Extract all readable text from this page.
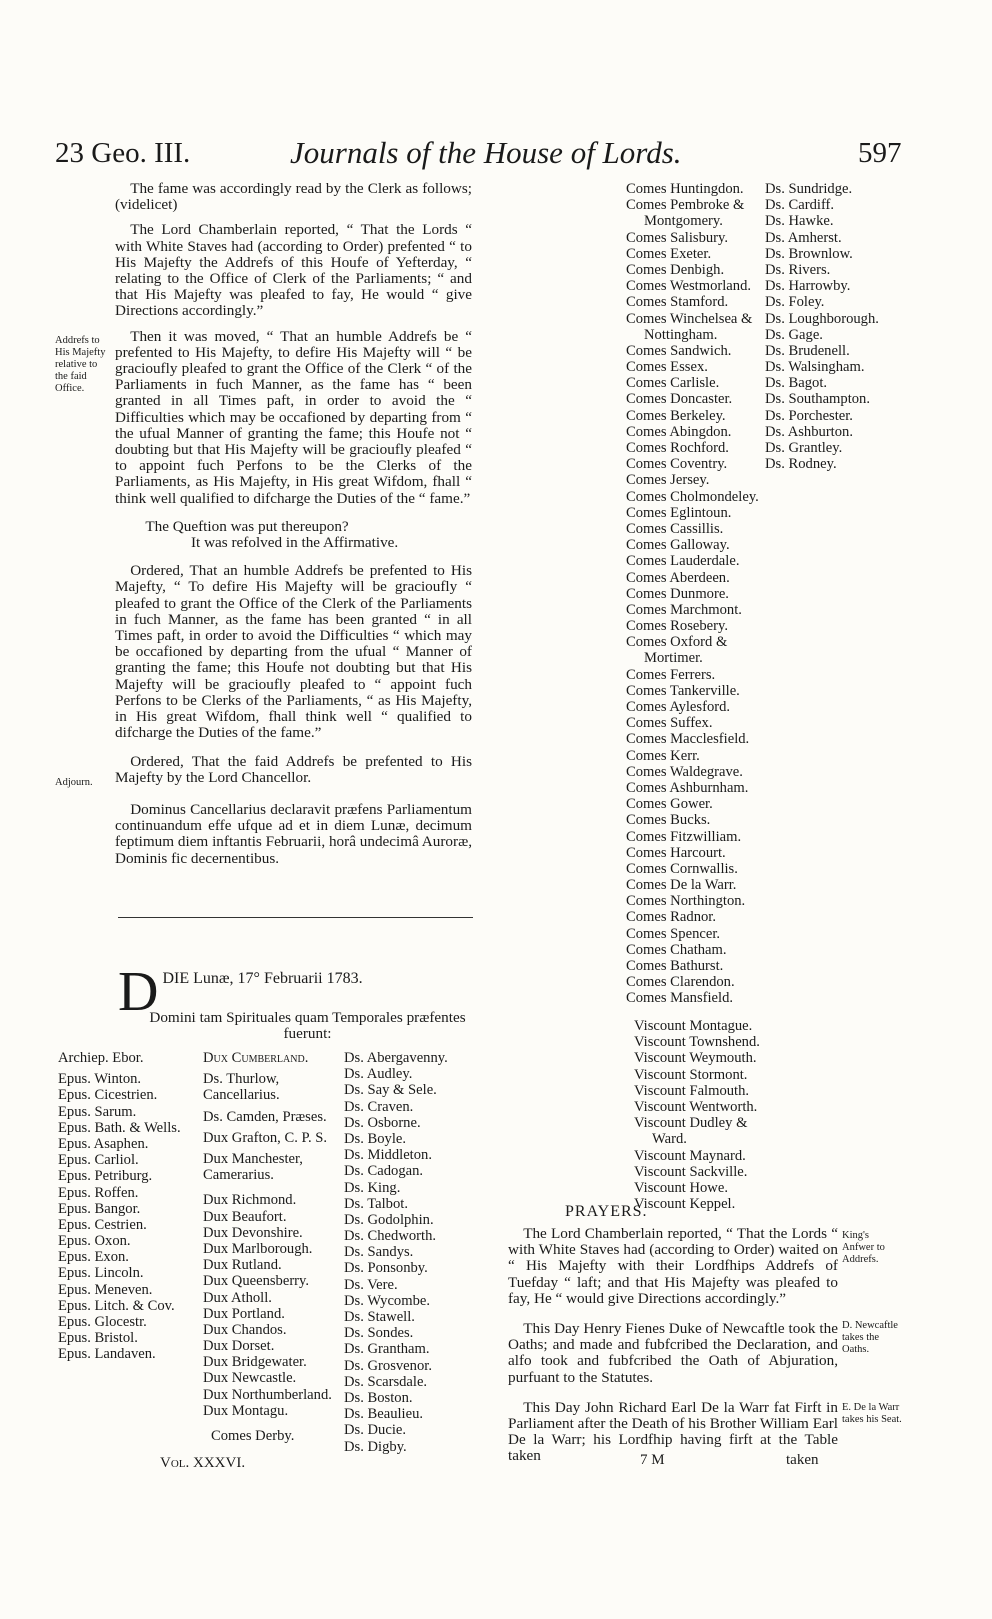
23 Geo. III.	Journals of the House of Lords.	597
Addrefs to His Majefty relative to the faid Office.
Adjourn.

The fame was accordingly read by the Clerk as follows; (videlicet)

The Lord Chamberlain reported, “ That the Lords “ with White Staves had (according to Order) prefented “ to His Majefty the Addrefs of this Houfe of Yefterday, “ relating to the Office of Clerk of the Parliaments; “ and that His Majefty was pleafed to fay, He would “ give Directions accordingly.”

Then it was moved, “ That an humble Addrefs be “ prefented to His Majefty, to defire His Majefty will “ be gracioufly pleafed to grant the Office of the Clerk “ of the Parliaments in fuch Manner, as the fame has “ been granted in all Times paft, in order to avoid the “ Difficulties which may be occafioned by departing from “ the ufual Manner of granting the fame; this Houfe not “ doubting but that His Majefty will be gracioufly pleafed “ to appoint fuch Perfons to be the Clerks of the Parliaments, as His Majefty, in His great Wifdom, fhall “ think well qualified to difcharge the Duties of the “ fame.”

The Queftion was put thereupon?

It was refolved in the Affirmative.

Ordered, That an humble Addrefs be prefented to His Majefty, “ To defire His Majefty will be gracioufly “ pleafed to grant the Office of the Clerk of the Parliaments in fuch Manner, as the fame has been granted “ in all Times paft, in order to avoid the Difficulties “ which may be occafioned by departing from the ufual “ Manner of granting the fame; this Houfe not doubting but that His Majefty will be gracioufly pleafed to “ appoint fuch Perfons to be Clerks of the Parliaments, “ as His Majefty, in His great Wifdom, fhall think well “ qualified to difcharge the Duties of the fame.”

Ordered, That the faid Addrefs be prefented to His Majefty by the Lord Chancellor.

Dominus Cancellarius declaravit præfens Parliamentum continuandum effe ufque ad et in diem Lunæ, decimum feptimum diem inftantis Februarii, horâ undecimâ Auroræ, Dominis fic decernentibus.

D DIE Lunæ, 17° Februarii 1783.
Domini tam Spirituales quam Temporales præfentes fuerunt:
Archiep. Ebor.
Epus. Winton.
Epus. Cicestrien.
Epus. Sarum.
Epus. Bath. & Wells.
Epus. Asaphen.
Epus. Carliol.
Epus. Petriburg.
Epus. Roffen.
Epus. Bangor.
Epus. Cestrien.
Epus. Oxon.
Epus. Exon.
Epus. Lincoln.
Epus. Meneven.
Epus. Litch. & Cov.
Epus. Glocestr.
Epus. Bristol.
Epus. Landaven.
Dux Cumberland.
Ds. Thurlow, Cancellarius.
Ds. Camden, Præses.
Dux Grafton, C. P. S.
Dux Manchester, Camerarius.
Dux Richmond.
Dux Beaufort.
Dux Devonshire.
Dux Marlborough.
Dux Rutland.
Dux Queensberry.
Dux Atholl.
Dux Portland.
Dux Chandos.
Dux Dorset.
Dux Bridgewater.
Dux Newcastle.
Dux Northumberland.
Dux Montagu.
Comes Derby.
Ds. Abergavenny.
Ds. Audley.
Ds. Say & Sele.
Ds. Craven.
Ds. Osborne.
Ds. Boyle.
Ds. Middleton.
Ds. Cadogan.
Ds. King.
Ds. Talbot.
Ds. Godolphin.
Ds. Chedworth.
Ds. Sandys.
Ds. Ponsonby.
Ds. Vere.
Ds. Wycombe.
Ds. Stawell.
Ds. Sondes.
Ds. Grantham.
Ds. Grosvenor.
Ds. Scarsdale.
Ds. Boston.
Ds. Beaulieu.
Ds. Ducie.
Ds. Digby.
Vol. XXXVI.
Comes Huntingdon.
Comes Pembroke &
Montgomery.
Comes Salisbury.
Comes Exeter.
Comes Denbigh.
Comes Westmorland.
Comes Stamford.
Comes Winchelsea &
Nottingham.
Comes Sandwich.
Comes Essex.
Comes Carlisle.
Comes Doncaster.
Comes Berkeley.
Comes Abingdon.
Comes Rochford.
Comes Coventry.
Comes Jersey.
Comes Cholmondeley.
Comes Eglintoun.
Comes Cassillis.
Comes Galloway.
Comes Lauderdale.
Comes Aberdeen.
Comes Dunmore.
Comes Marchmont.
Comes Rosebery.
Comes Oxford &
Mortimer.
Comes Ferrers.
Comes Tankerville.
Comes Aylesford.
Comes Suffex.
Comes Macclesfield.
Comes Kerr.
Comes Waldegrave.
Comes Ashburnham.
Comes Gower.
Comes Bucks.
Comes Fitzwilliam.
Comes Harcourt.
Comes Cornwallis.
Comes De la Warr.
Comes Northington.
Comes Radnor.
Comes Spencer.
Comes Chatham.
Comes Bathurst.
Comes Clarendon.
Comes Mansfield.
Viscount Montague.
Viscount Townshend.
Viscount Weymouth.
Viscount Stormont.
Viscount Falmouth.
Viscount Wentworth.
Viscount Dudley &
Ward.
Viscount Maynard.
Viscount Sackville.
Viscount Howe.
Viscount Keppel.
Ds. Sundridge.
Ds. Cardiff.
Ds. Hawke.
Ds. Amherst.
Ds. Brownlow.
Ds. Rivers.
Ds. Harrowby.
Ds. Foley.
Ds. Loughborough.
Ds. Gage.
Ds. Brudenell.
Ds. Walsingham.
Ds. Bagot.
Ds. Southampton.
Ds. Porchester.
Ds. Ashburton.
Ds. Grantley.
Ds. Rodney.
PRAYERS.

The Lord Chamberlain reported, “ That the Lords “ with White Staves had (according to Order) waited on “ His Majefty with their Lordfhips Addrefs of Tuefday “ laft; and that His Majefty was pleafed to fay, He “ would give Directions accordingly.”

This Day Henry Fienes Duke of Newcaftle took the Oaths; and made and fubfcribed the Declaration, and alfo took and fubfcribed the Oath of Abjuration, purfuant to the Statutes.

This Day John Richard Earl De la Warr fat Firft in Parliament after the Death of his Brother William Earl De la Warr; his Lordfhip having firft at the Table taken

King's Anfwer to Addrefs.
D. Newcaftle takes the Oaths.
E. De la Warr takes his Seat.
7 M	taken
